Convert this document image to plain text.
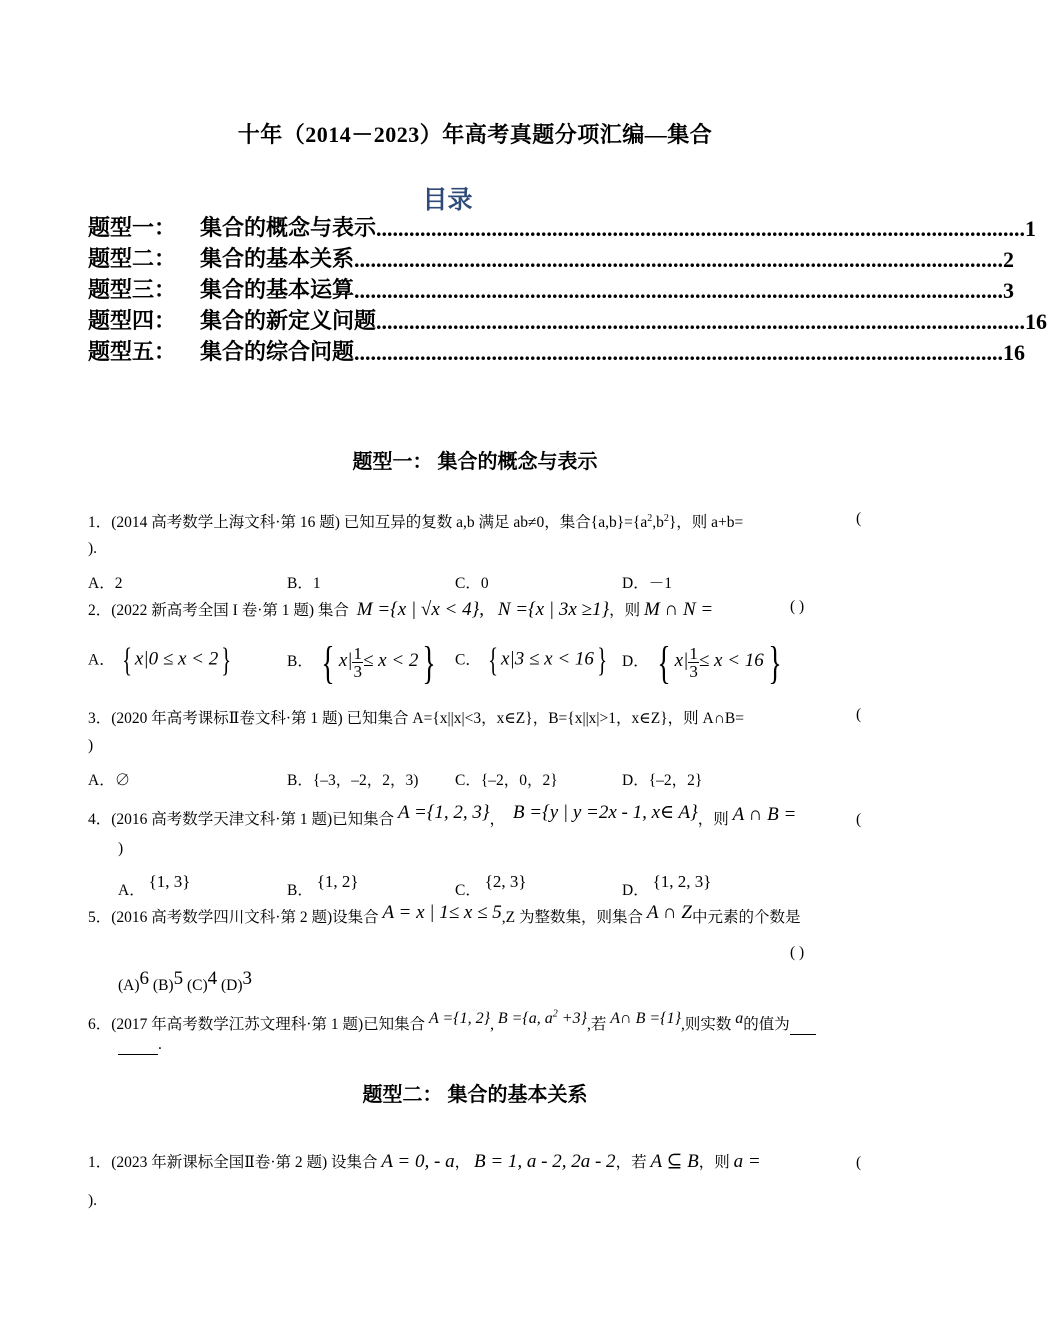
十年（2014－2023）年高考真题分项汇编—集合
目录
题型一：	集合的概念与表示 ...................................................................................................................... 1
题型二：	集合的基本关系 ...................................................................................................................... 2
题型三：	集合的基本运算 ...................................................................................................................... 3
题型四：	集合的新定义问题 ...................................................................................................................... 16
题型五：	集合的综合问题 ...................................................................................................................... 16
题型一： 集合的概念与表示
1．(2014 高考数学上海文科·第 16 题) 已知互异的复数 a,b 满足 ab≠0，集合$\{a,b\}=\{a^2,b^2\}$，则 a+b=	(
).
A．2	B．1	C．0	D．－1
2．(2022 新高考全国 I 卷·第 1 题) 集合 M ={x | √x < 4}, N ={x | 3x ≥1}，则 M ∩ N =	( )
A． { x|0 ≤ x < 2}	B． { $x| \frac{1}{3} \le x < 2$} C． { x|3 ≤ x < 16} D． { $x| \frac{1}{3} \le x < 16$}
3．(2020 年高考课标Ⅱ卷文科·第 1 题) 已知集合 A={x||x|<3，x∈Z}，B={x||x|>1，x∈Z}，则 A∩B=	(
)
A．∅	B．{–3，–2，2，3) C．{–2，0，2}	D．{–2，2}
4．(2016 高考数学天津文科·第 1 题)已知集合 A ={1, 2, 3}， B ={y | y =2x - 1, x∈ A}，则 A ∩ B =	(
)
A． {1, 3}	B． {1, 2}	C． {2, 3}	D． {1, 2, 3}
5．(2016 高考数学四川文科·第 2 题)设集合 A = x | 1≤ x ≤ 5,Z 为整数集，则集合 A ∩ Z中元素的个数是
( )
(A)6 (B)5 (C)4 (D)3
6．(2017 年高考数学江苏文理科·第 1 题)已知集合 A ={1, 2}, B ={a, $a^2 +3$},若 A∩ B ={1},则实数 a的值为
.
题型二： 集合的基本关系
1．(2023 年新课标全国Ⅱ卷·第 2 题) 设集合 A = 0, - a， B = 1, a - 2, 2a - 2，若 A ⊆ B，则 a =	(
).
